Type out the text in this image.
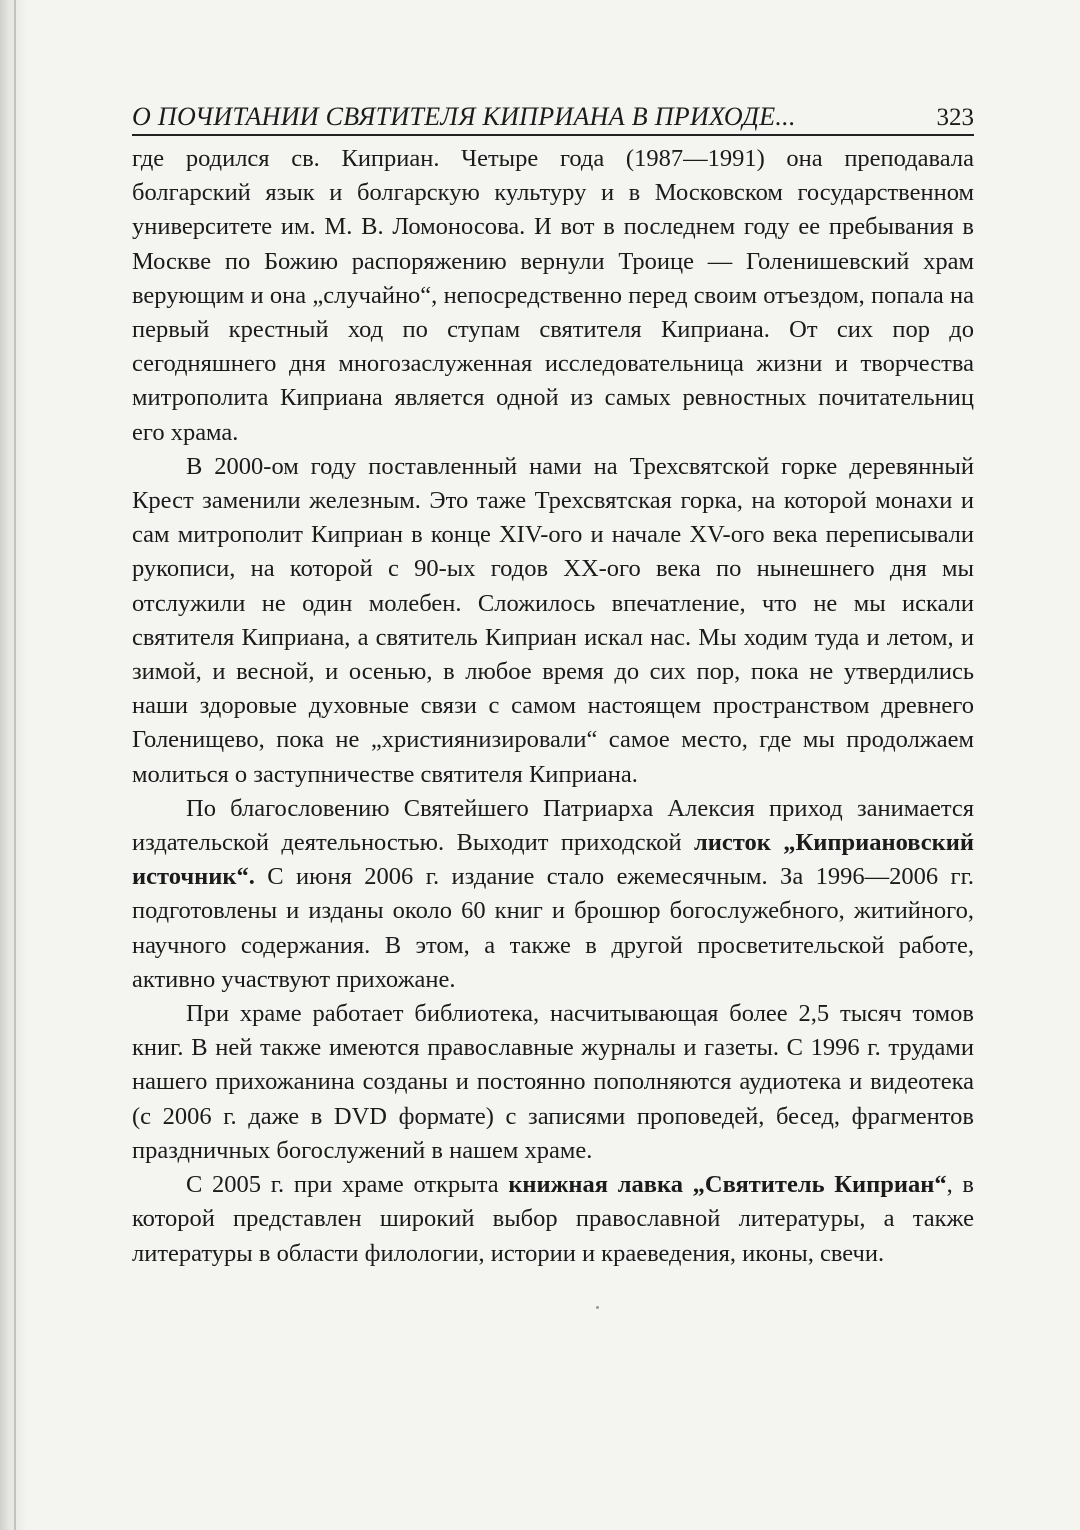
О ПОЧИТАНИИ СВЯТИТЕЛЯ КИПРИАНА В ПРИХОДЕ...	323

где родился св. Киприан. Четыре года (1987—1991) она преподавала болгарский язык и болгарскую культуру и в Московском государственном университете им. М. В. Ломоносова. И вот в последнем году ее пребывания в Москве по Божию распоряжению вернули Троице — Голенишевский храм верующим и она „случайно“, непосредственно перед своим отъездом, попала на первый крестный ход по ступам святителя Киприана. От сих пор до сегодняшнего дня многозаслуженная исследовательница жизни и творчества митрополита Киприана является одной из самых ревностных почитательниц его храма.

В 2000-ом году поставленный нами на Трехсвятской горке деревянный Крест заменили железным. Это таже Трехсвятская горка, на которой монахи и сам митрополит Киприан в конце XIV-ого и начале XV-ого века переписывали рукописи, на которой с 90-ых годов XX-ого века по нынешнего дня мы отслужили не один молебен. Сложилось впечатление, что не мы искали святителя Киприана, а святитель Киприан искал нас. Мы ходим туда и летом, и зимой, и весной, и осенью, в любое время до сих пор, пока не утвердились наши здоровые духовные связи с самом настоящем пространством древнего Голенищево, пока не „християнизировали“ самое место, где мы продолжаем молиться о заступничестве святителя Киприана.

По благословению Святейшего Патриарха Алексия приход занимается издательской деятельностью. Выходит приходской листок „Киприановский источник“. С июня 2006 г. издание стало ежемесячным. За 1996—2006 гг. подготовлены и изданы около 60 книг и брошюр богослужебного, житийного, научного содержания. В этом, а также в другой просветительской работе, активно участвуют прихожане.

При храме работает библиотека, насчитывающая более 2,5 тысяч томов книг. В ней также имеются православные журналы и газеты. С 1996 г. трудами нашего прихожанина созданы и постоянно пополняются аудиотека и видеотека (с 2006 г. даже в DVD формате) с записями проповедей, бесед, фрагментов праздничных богослужений в нашем храме.

С 2005 г. при храме открыта книжная лавка „Святитель Киприан“, в которой представлен широкий выбор православной литературы, а также литературы в области филологии, истории и краеведения, иконы, свечи.
